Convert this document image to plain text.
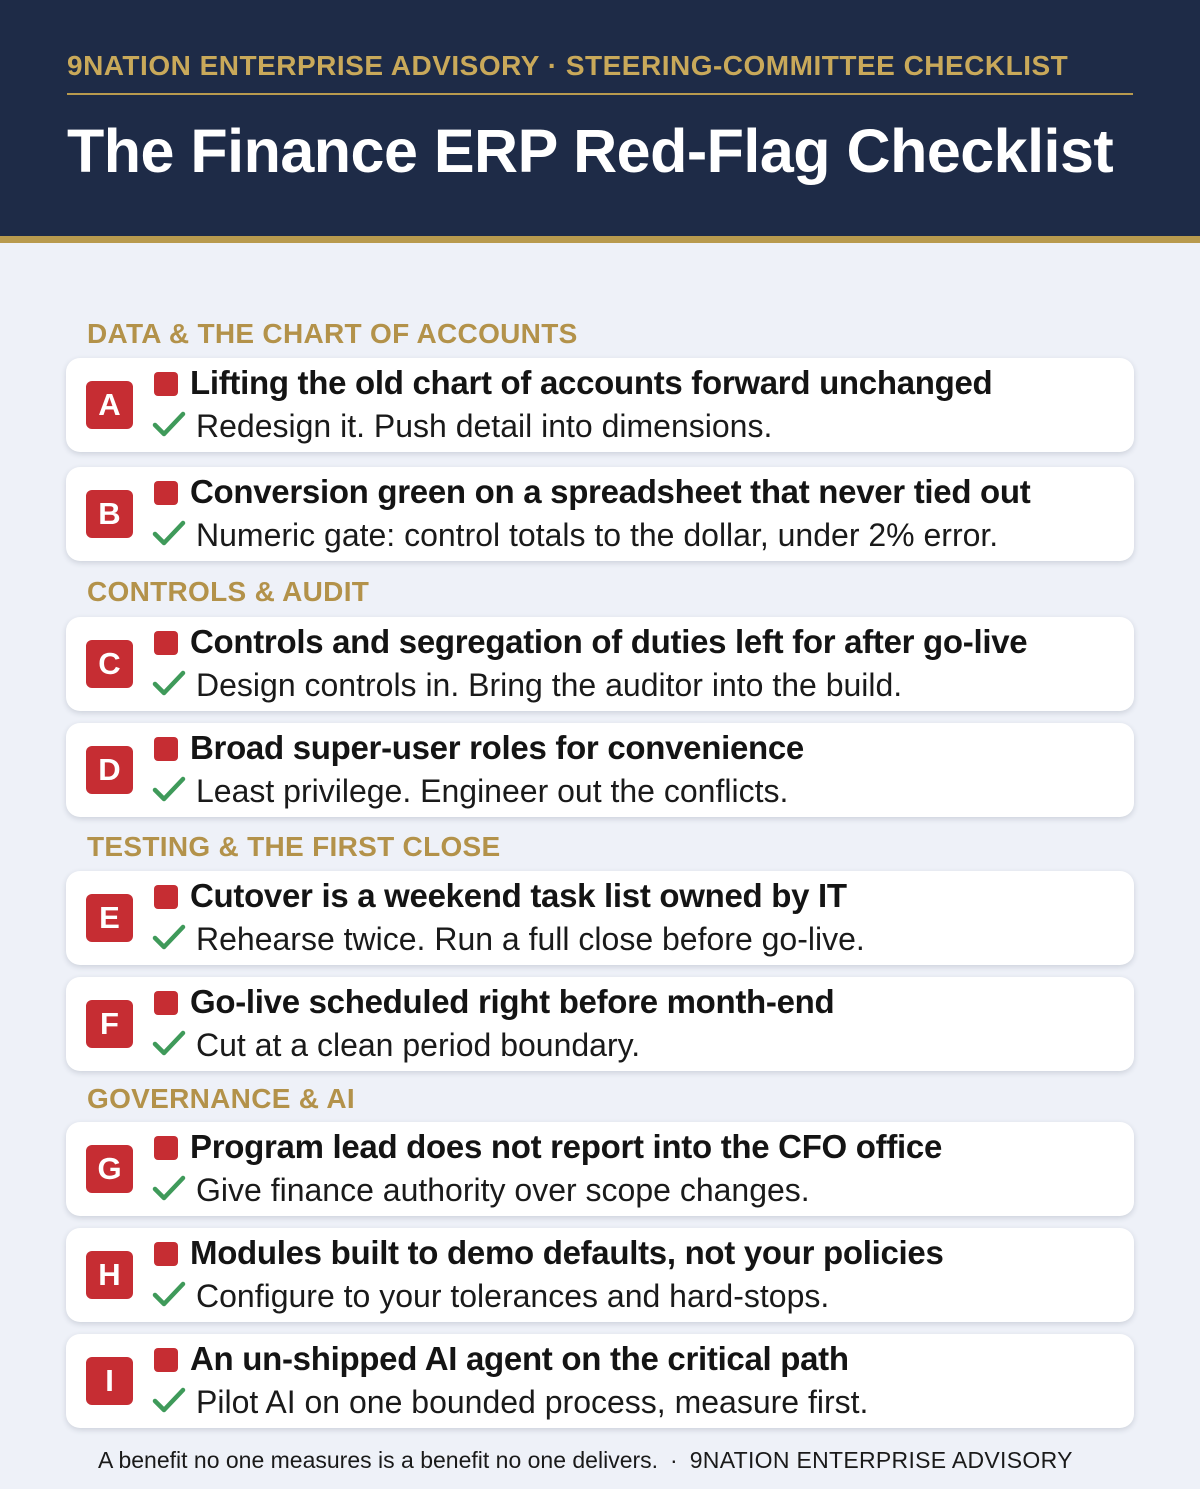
9NATION ENTERPRISE ADVISORY · STEERING-COMMITTEE CHECKLIST
The Finance ERP Red-Flag Checklist
DATA & THE CHART OF ACCOUNTS
A
Lifting the old chart of accounts forward unchanged
Redesign it. Push detail into dimensions.
B
Conversion green on a spreadsheet that never tied out
Numeric gate: control totals to the dollar, under 2% error.
CONTROLS & AUDIT
C
Controls and segregation of duties left for after go-live
Design controls in. Bring the auditor into the build.
D
Broad super-user roles for convenience
Least privilege. Engineer out the conflicts.
TESTING & THE FIRST CLOSE
E
Cutover is a weekend task list owned by IT
Rehearse twice. Run a full close before go-live.
F
Go-live scheduled right before month-end
Cut at a clean period boundary.
GOVERNANCE & AI
G
Program lead does not report into the CFO office
Give finance authority over scope changes.
H
Modules built to demo defaults, not your policies
Configure to your tolerances and hard-stops.
I
An un-shipped AI agent on the critical path
Pilot AI on one bounded process, measure first.
A benefit no one measures is a benefit no one delivers. · 9NATION ENTERPRISE ADVISORY
